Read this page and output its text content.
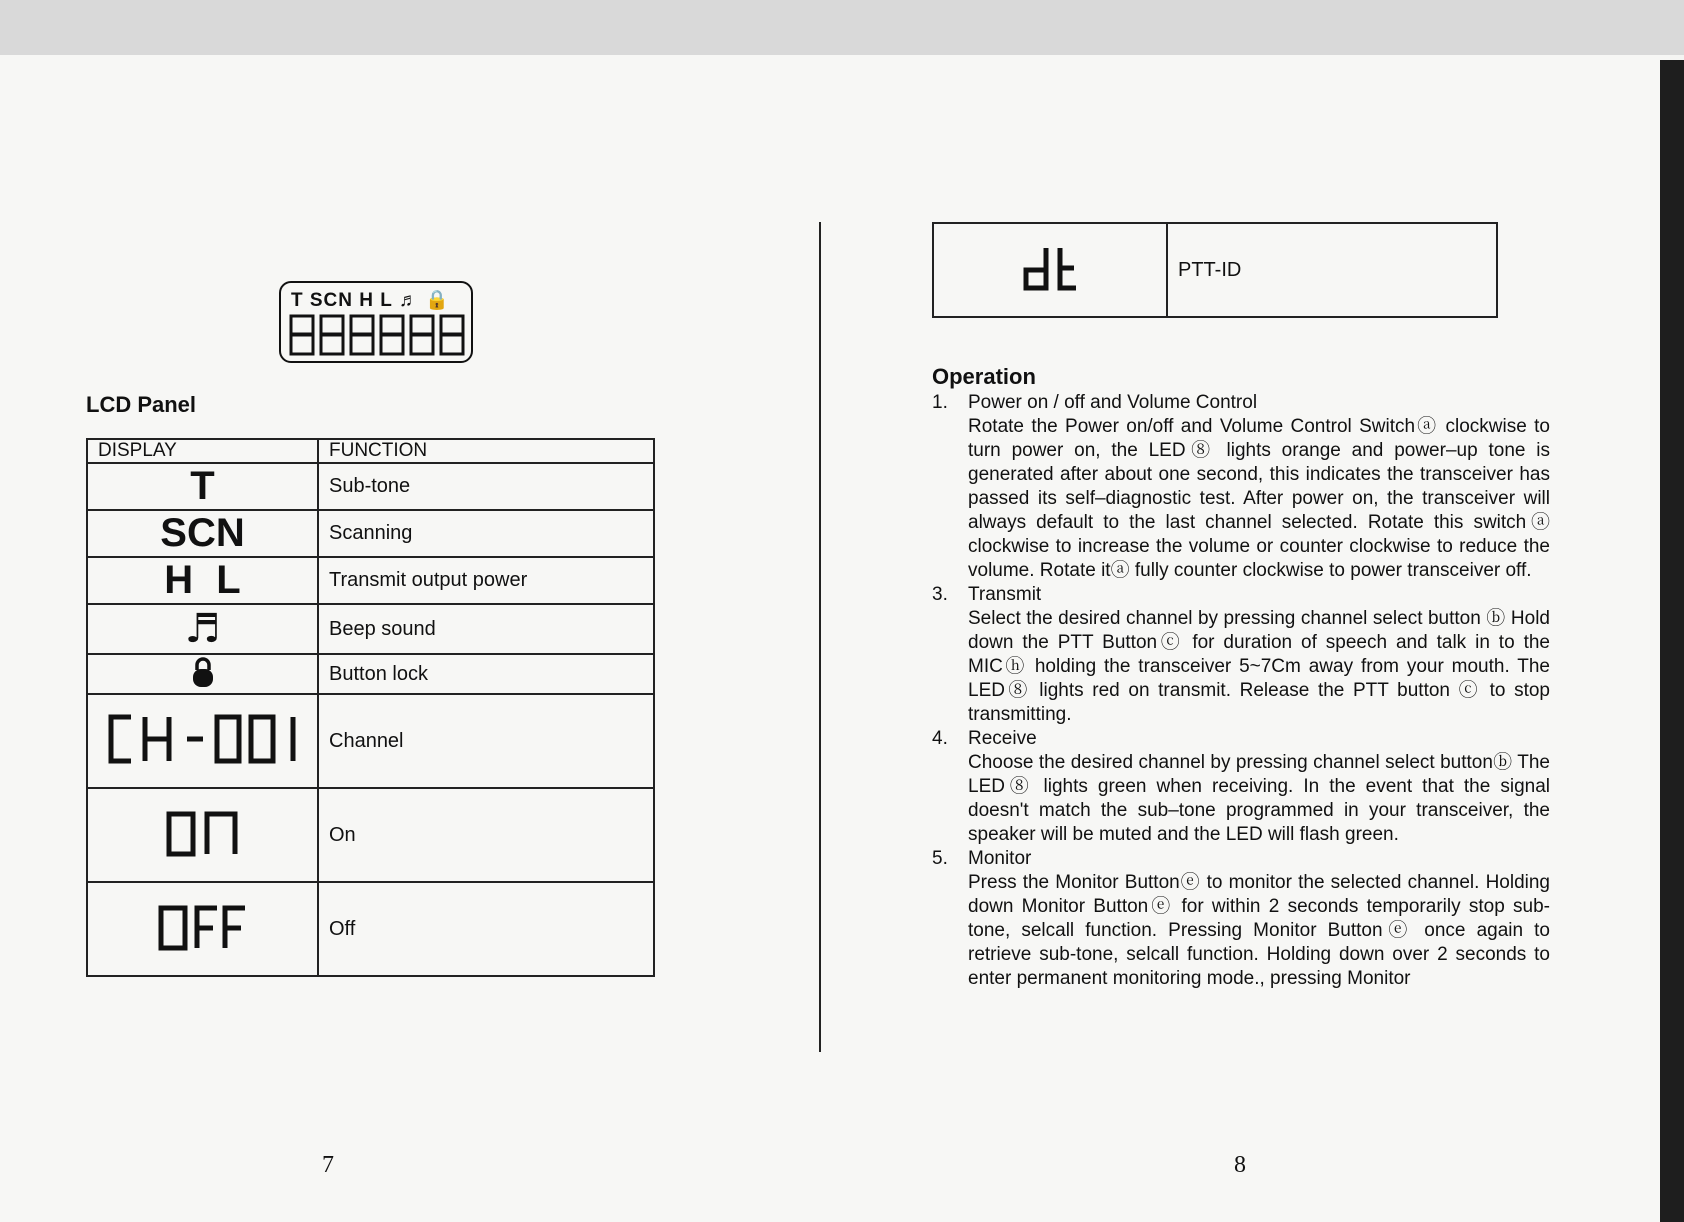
T SCN H L ♬ 🔒
LCD Panel
DISPLAY	FUNCTION
T	Sub-tone
SCN	Scanning
H L	Transmit output power
♬	Beep sound
	Button lock
	Channel
	On
	Off
7
	PTT-ID
Operation
1. Power on / off and Volume Control
Rotate the Power on/off and Volume Control Switchⓐ clockwise to turn power on, the LED⑧ lights orange and power–up tone is generated after about one second, this indicates the transceiver has passed its self–diagnostic test. After power on, the transceiver will always default to the last channel selected. Rotate this switchⓐ clockwise to increase the volume or counter clockwise to reduce the volume. Rotate itⓐ fully counter clockwise to power transceiver off.
3. Transmit
Select the desired channel by pressing channel select button ⓑ Hold down the PTT Buttonⓒ for duration of speech and talk in to the MICⓗ holding the transceiver 5~7Cm away from your mouth. The LED⑧ lights red on transmit. Release the PTT button ⓒ to stop transmitting.
4. Receive
Choose the desired channel by pressing channel select buttonⓑ The LED⑧ lights green when receiving. In the event that the signal doesn't match the sub–tone programmed in your transceiver, the speaker will be muted and the LED will flash green.
5. Monitor
Press the Monitor Buttonⓔ to monitor the selected channel. Holding down Monitor Buttonⓔ for within 2 seconds temporarily stop sub-tone, selcall function. Pressing Monitor Buttonⓔ once again to retrieve sub-tone, selcall function. Holding down over 2 seconds to enter permanent monitoring mode., pressing Monitor
8
